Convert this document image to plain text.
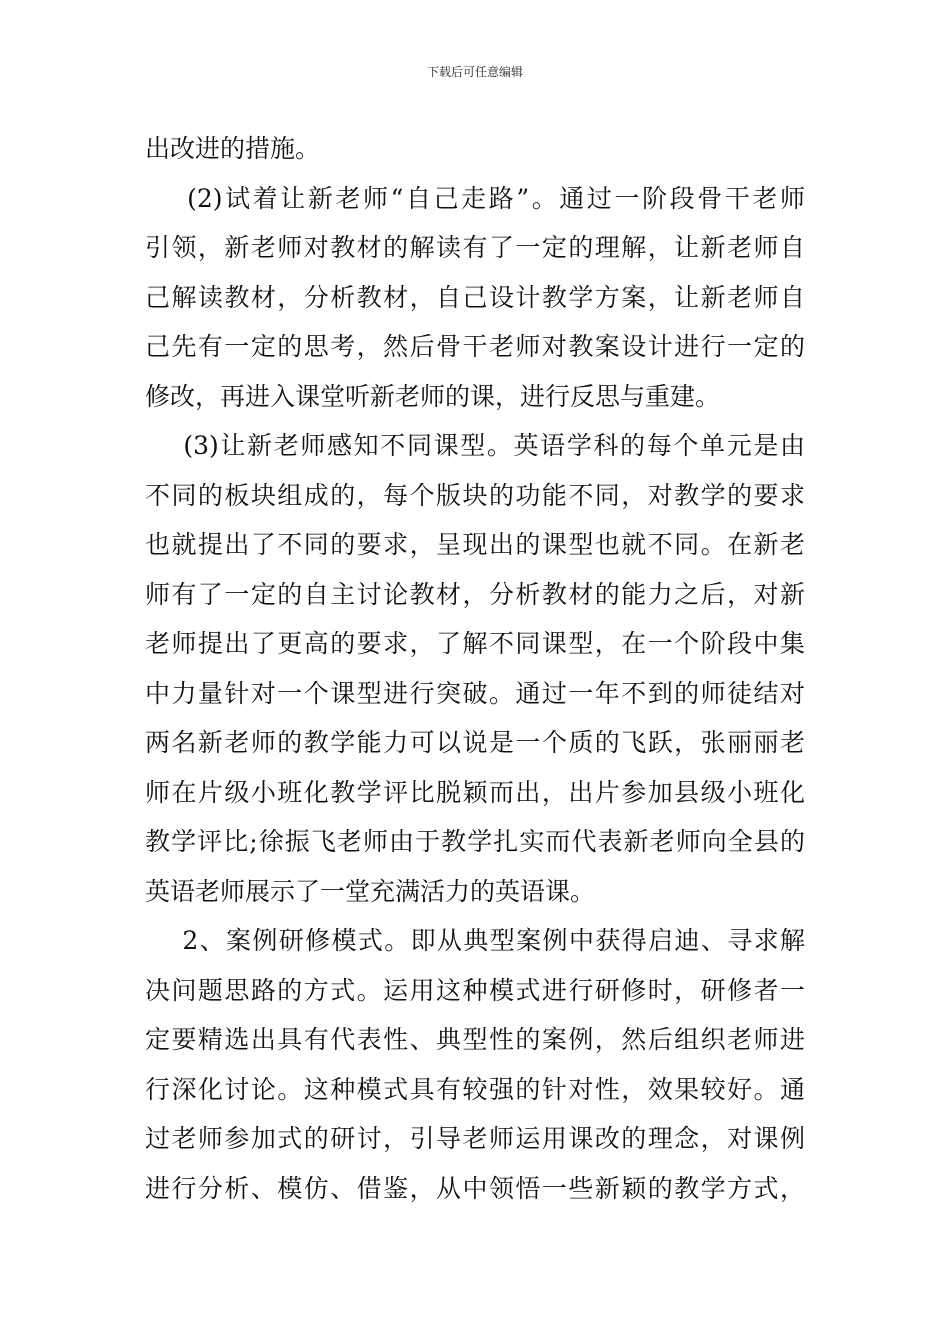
下载后可任意编辑
出改进的措施。
(2)试着让新老师“自己走路”。通过一阶段骨干老师
引领，新老师对教材的解读有了一定的理解，让新老师自
己解读教材，分析教材，自己设计教学方案，让新老师自
己先有一定的思考，然后骨干老师对教案设计进行一定的
修改，再进入课堂听新老师的课，进行反思与重建。
(3)让新老师感知不同课型。英语学科的每个单元是由
不同的板块组成的，每个版块的功能不同，对教学的要求
也就提出了不同的要求，呈现出的课型也就不同。在新老
师有了一定的自主讨论教材，分析教材的能力之后，对新
老师提出了更高的要求，了解不同课型，在一个阶段中集
中力量针对一个课型进行突破。通过一年不到的师徒结对
两名新老师的教学能力可以说是一个质的飞跃，张丽丽老
师在片级小班化教学评比脱颖而出，出片参加县级小班化
教学评比;徐振飞老师由于教学扎实而代表新老师向全县的
英语老师展示了一堂充满活力的英语课。
2、案例研修模式。即从典型案例中获得启迪、寻求解
决问题思路的方式。运用这种模式进行研修时，研修者一
定要精选出具有代表性、典型性的案例，然后组织老师进
行深化讨论。这种模式具有较强的针对性，效果较好。通
过老师参加式的研讨，引导老师运用课改的理念，对课例
进行分析、模仿、借鉴，从中领悟一些新颖的教学方式，
